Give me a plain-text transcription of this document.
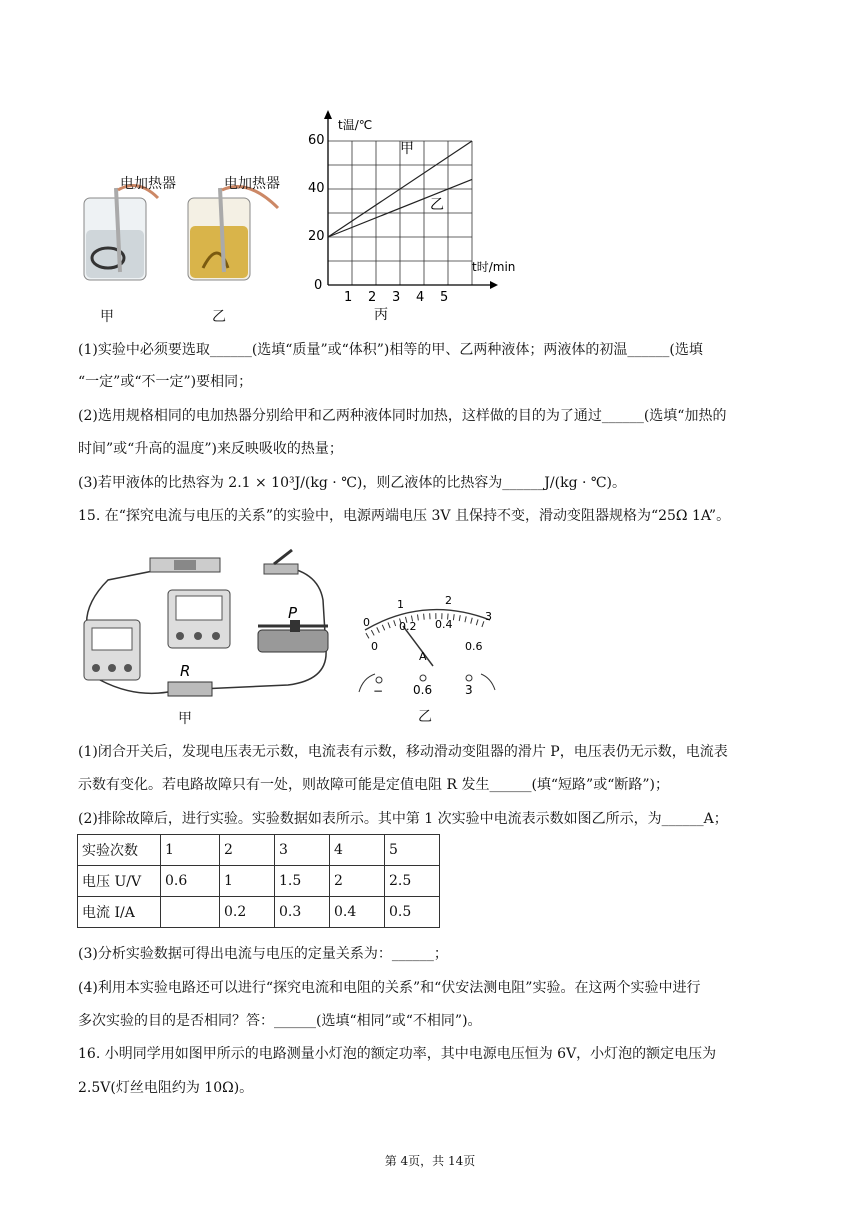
电加热器	电加热器
甲	乙
t温/℃
t时/min
0
20
40
60
1 2 3 4 5
甲
乙
丙
(1)实验中必须要选取______(选填“质量”或“体积”)相等的甲、乙两种液体；两液体的初温______(选填
“一定”或“不一定”)要相同；
(2)选用规格相同的电加热器分别给甲和乙两种液体同时加热，这样做的目的为了通过______(选填“加热的
时间”或“升高的温度”)来反映吸收的热量；
(3)若甲液体的比热容为 2.1 × 10³J/(kg · ℃)，则乙液体的比热容为______J/(kg · ℃)。
15. 在“探究电流与电压的关系”的实验中，电源两端电压 3V 且保持不变，滑动变阻器规格为“25Ω 1A”。
P
R
甲
0
1	2
3
0
0.2 0.4
0.6
A
− 0.6	3
乙
(1)闭合开关后，发现电压表无示数，电流表有示数，移动滑动变阻器的滑片 P，电压表仍无示数，电流表
示数有变化。若电路故障只有一处，则故障可能是定值电阻 R 发生______(填“短路”或“断路”)；
(2)排除故障后，进行实验。实验数据如表所示。其中第 1 次实验中电流表示数如图乙所示，为______A；
实验次数	1	2	3	4	5
电压 U/V	0.6	1	1.5	2	2.5
电流 I/A		0.2	0.3	0.4	0.5
(3)分析实验数据可得出电流与电压的定量关系为：______；
(4)利用本实验电路还可以进行“探究电流和电阻的关系”和“伏安法测电阻”实验。在这两个实验中进行
多次实验的目的是否相同？答：______(选填“相同”或“不相同”)。
16. 小明同学用如图甲所示的电路测量小灯泡的额定功率，其中电源电压恒为 6V，小灯泡的额定电压为
2.5V(灯丝电阻约为 10Ω)。
第 4页，共 14页
